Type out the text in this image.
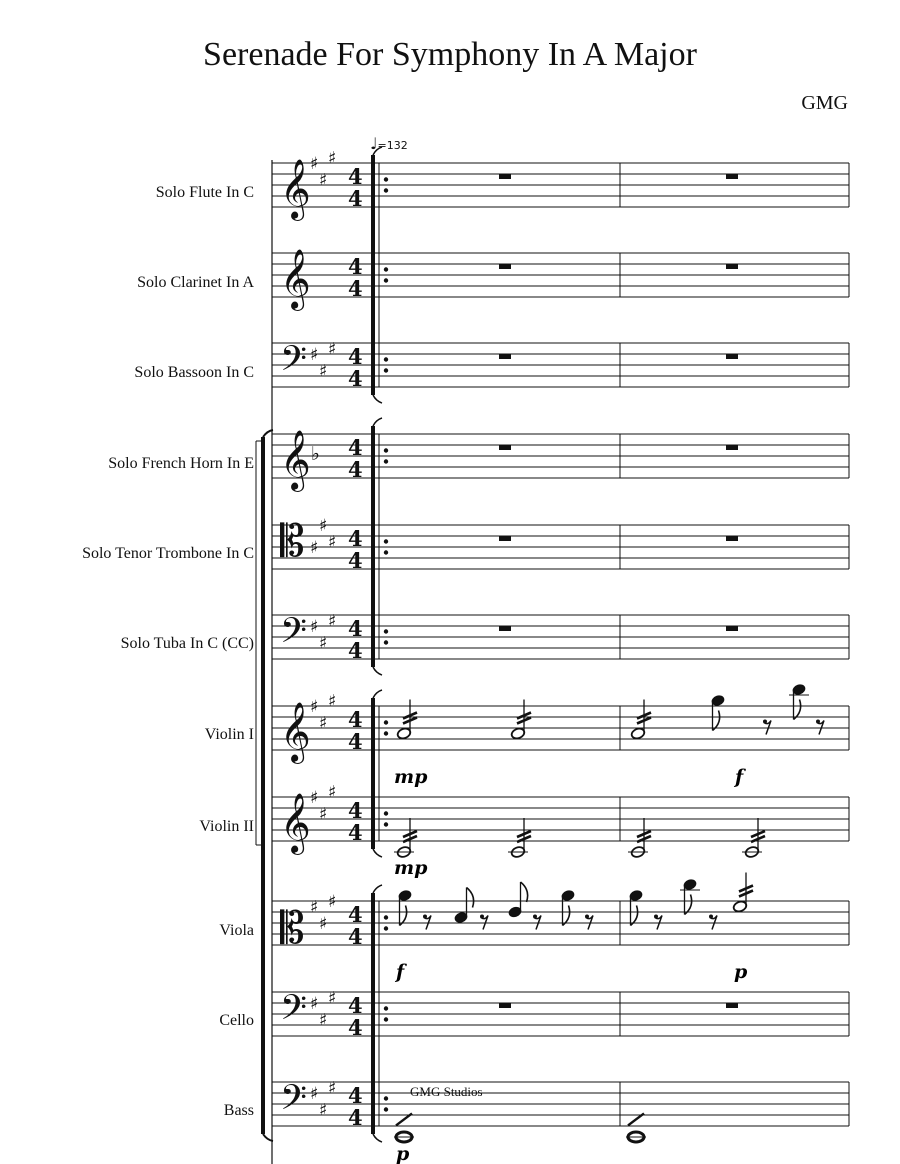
Serenade For Symphony In A Major
GMG
♩=132
Solo Flute In C
Solo Clarinet In A
Solo Bassoon In C
Solo French Horn In E
Solo Tenor Trombone In C
Solo Tuba In C (CC)
Violin I
Violin II
Viola
Cello
Bass
𝄞
𝄞
𝄢
𝄞
𝄡
𝄢
𝄞
𝄞
𝄡
𝄢
𝄢
♯
♯
♯
♯
♯
♯
♭
♯
♯
♯
♯
♯
♯
♯
♯
♯
♯
♯
♯
♯
♯
♯
♯
♯
♯
♯
♯
♯
4
4
4
4
4
4
4
4
4
4
4
4
4
4
4
4
4
4
4
4
4
4
mp	f
mp
f	p
p
GMG Studios
